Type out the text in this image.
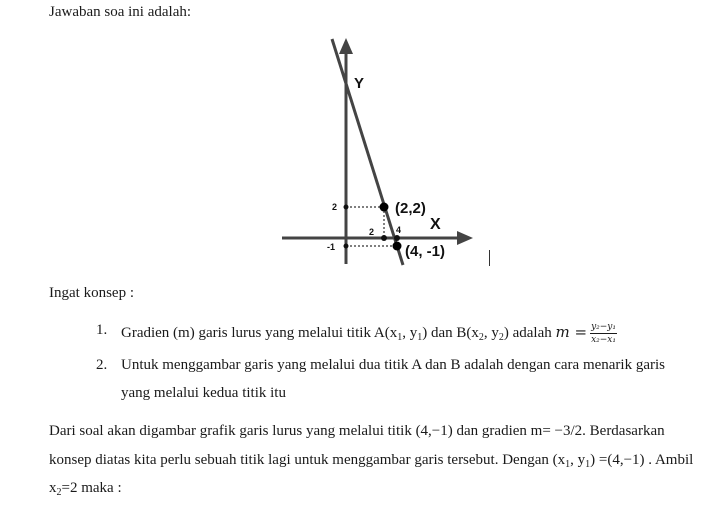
Jawaban soa ini adalah:
Y
X
(2,2)
(4, -1)
2
-1
2 4
Ingat konsep :
1. Gradien (m) garis lurus yang melalui titik $A(x_1$, $y_1$) dan $B(x_2$, $y_2$) adalah $m = \frac{\text{y₂−y₁}}{\text{x₂−x₁}}$
2. Untuk menggambar garis yang melalui dua titik A dan B adalah dengan cara menarik garis
yang melalui kedua titik itu
Dari soal akan digambar grafik garis lurus yang melalui titik (4,−1) dan gradien m= −3/2. Berdasarkan
konsep diatas kita perlu sebuah titik lagi untuk menggambar garis tersebut. Dengan ($x_1$, $y_1) =(4,-1)$ . Ambil
$x_2=2$ maka :
